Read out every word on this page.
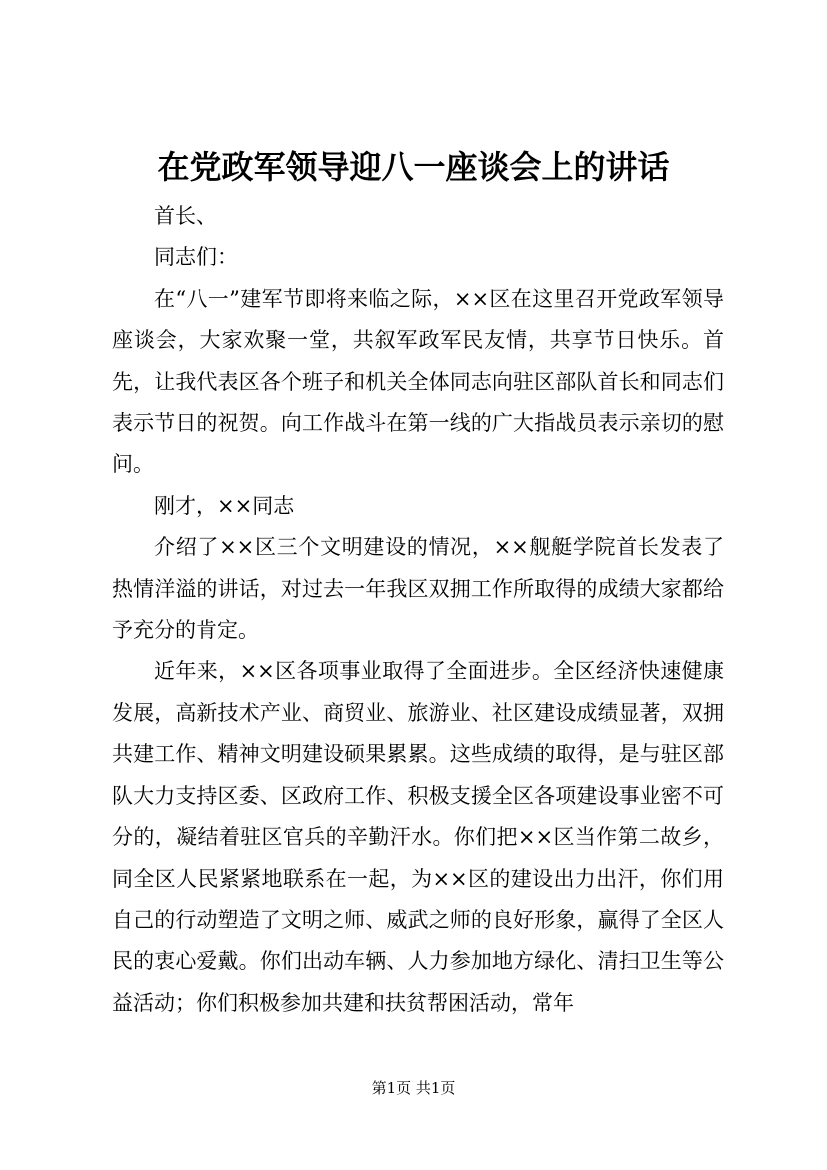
在党政军领导迎八一座谈会上的讲话

首长、

同志们：

在“八一”建军节即将来临之际，××区在这里召开党政军领导座谈会，大家欢聚一堂，共叙军政军民友情，共享节日快乐。首先，让我代表区各个班子和机关全体同志向驻区部队首长和同志们表示节日的祝贺。向工作战斗在第一线的广大指战员表示亲切的慰问。

刚才，××同志

介绍了××区三个文明建设的情况，××舰艇学院首长发表了热情洋溢的讲话，对过去一年我区双拥工作所取得的成绩大家都给予充分的肯定。

近年来，××区各项事业取得了全面进步。全区经济快速健康发展，高新技术产业、商贸业、旅游业、社区建设成绩显著，双拥共建工作、精神文明建设硕果累累。这些成绩的取得，是与驻区部队大力支持区委、区政府工作、积极支援全区各项建设事业密不可分的，凝结着驻区官兵的辛勤汗水。你们把××区当作第二故乡，同全区人民紧紧地联系在一起，为××区的建设出力出汗，你们用自己的行动塑造了文明之师、威武之师的良好形象，赢得了全区人民的衷心爱戴。你们出动车辆、人力参加地方绿化、清扫卫生等公益活动；你们积极参加共建和扶贫帮困活动，常年

第1页 共1页
